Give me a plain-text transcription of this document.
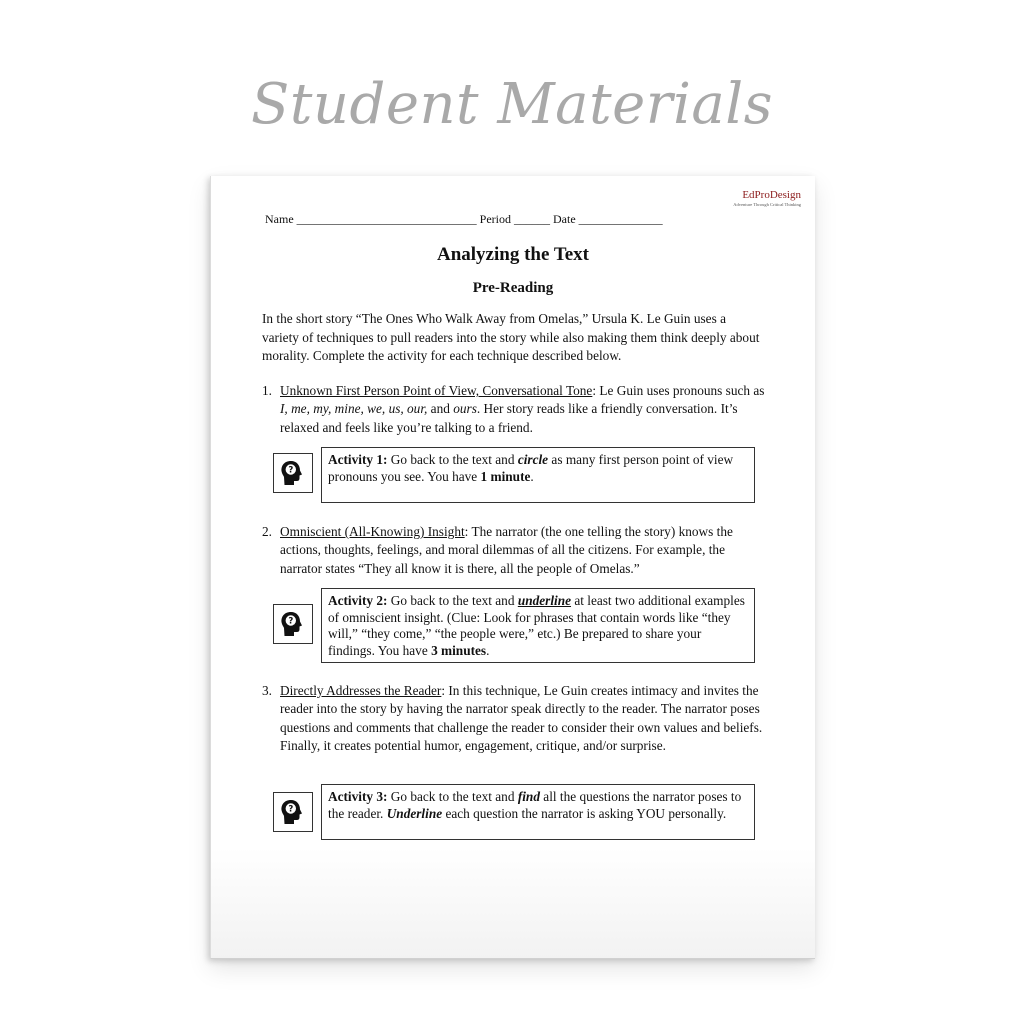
Student Materials
EdProDesign
Adventure Through Critical Thinking
Name ______________________________ Period ______ Date ______________
Analyzing the Text
Pre-Reading
In the short story “The Ones Who Walk Away from Omelas,” Ursula K. Le Guin uses a variety of techniques to pull readers into the story while also making them think deeply about morality. Complete the activity for each technique described below.
1. Unknown First Person Point of View, Conversational Tone: Le Guin uses pronouns such as I, me, my, mine, we, us, our, and ours. Her story reads like a friendly conversation. It’s relaxed and feels like you’re talking to a friend.
?
Activity 1: Go back to the text and circle as many first person point of view pronouns you see. You have 1 minute.
2. Omniscient (All-Knowing) Insight: The narrator (the one telling the story) knows the actions, thoughts, feelings, and moral dilemmas of all the citizens. For example, the narrator states “They all know it is there, all the people of Omelas.”
?
Activity 2: Go back to the text and underline at least two additional examples of omniscient insight. (Clue: Look for phrases that contain words like “they will,” “they come,” “the people were,” etc.) Be prepared to share your findings. You have 3 minutes.
3. Directly Addresses the Reader: In this technique, Le Guin creates intimacy and invites the reader into the story by having the narrator speak directly to the reader. The narrator poses questions and comments that challenge the reader to consider their own values and beliefs. Finally, it creates potential humor, engagement, critique, and/or surprise.
?
Activity 3: Go back to the text and find all the questions the narrator poses to the reader. Underline each question the narrator is asking YOU personally.
